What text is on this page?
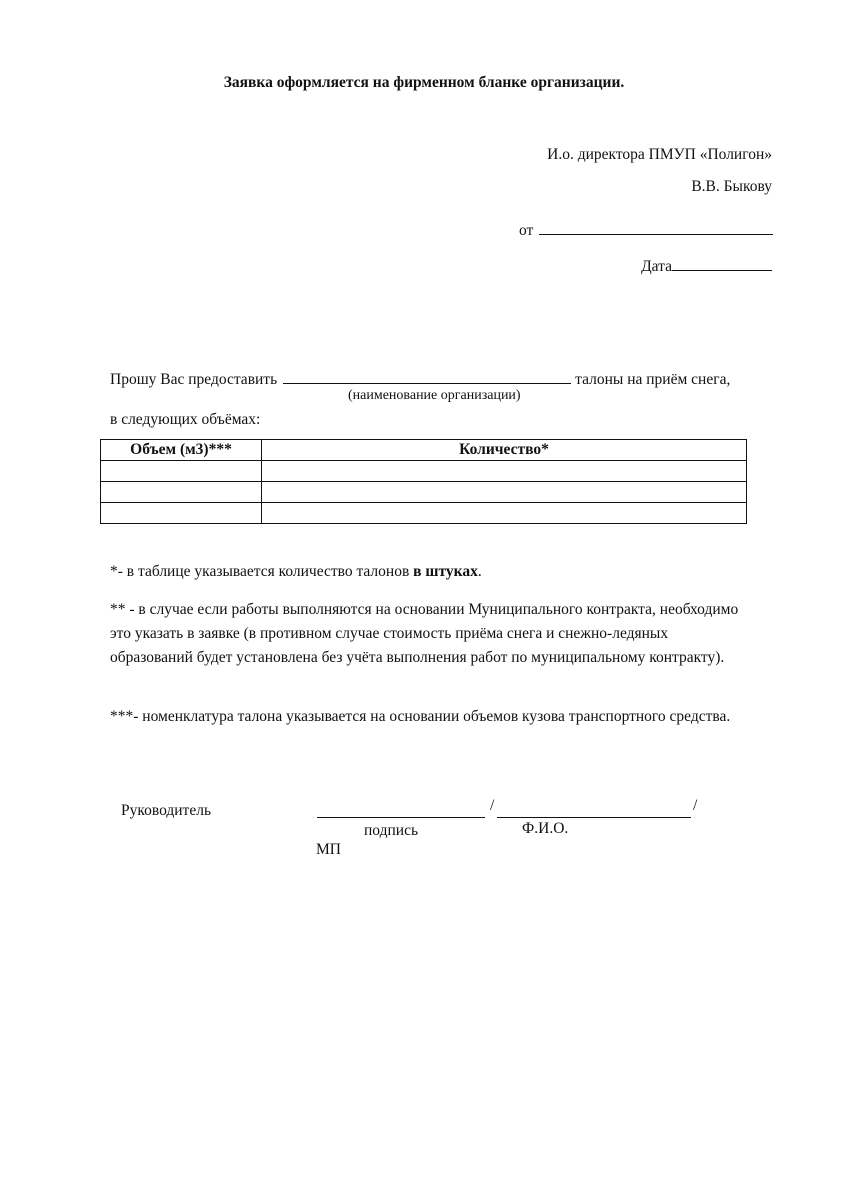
Заявка оформляется на фирменном бланке организации.
И.о. директора ПМУП «Полигон»
В.В. Быкову
от
Дата
Прошу Вас предоставить	талоны на приём снега,
(наименование организации)
в следующих объёмах:
Объем (м3)***	Количество*

*- в таблице указывается количество талонов в штуках.
** - в случае если работы выполняются на основании Муниципального контракта, необходимо это указать в заявке (в противном случае стоимость приёма снега и снежно-ледяных образований будет установлена без учёта выполнения работ по муниципальному контракту).
***- номенклатура талона указывается на основании объемов кузова транспортного средства.
Руководитель	/	/
подпись	Ф.И.О.
МП
